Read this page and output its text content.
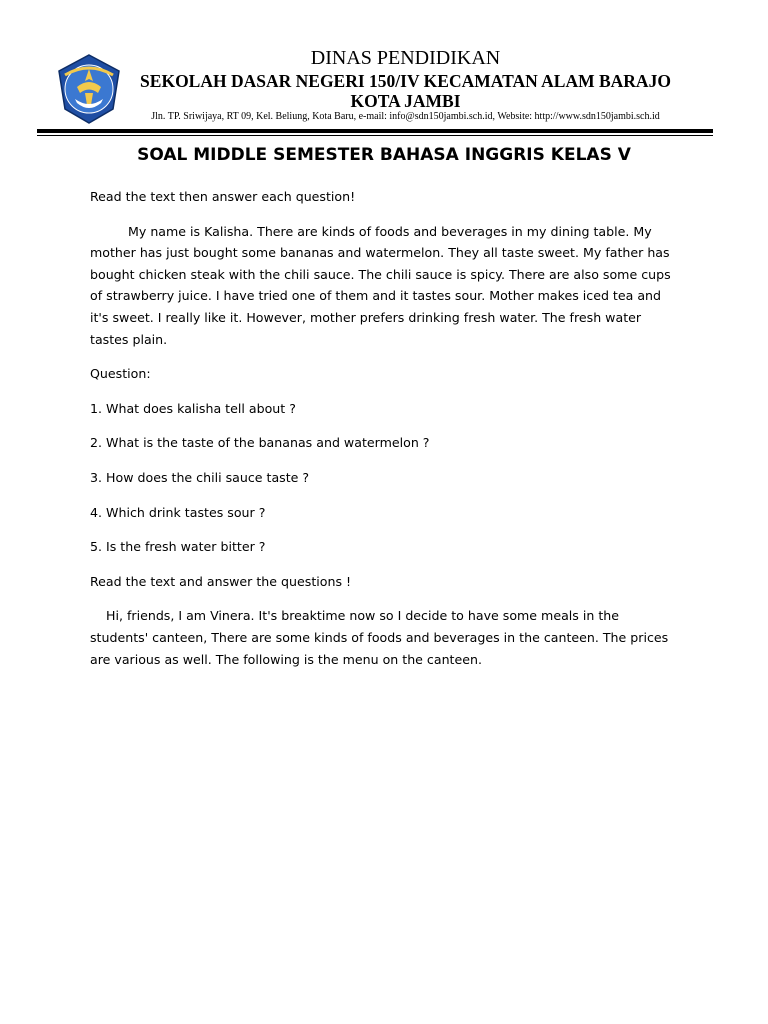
DINAS PENDIDIKAN
SEKOLAH DASAR NEGERI 150/IV KECAMATAN ALAM BARAJO
KOTA JAMBI
Jln. TP. Sriwijaya, RT 09, Kel. Beliung, Kota Baru, e-mail: info@sdn150jambi.sch.id, Website: http://www.sdn150jambi.sch.id
SOAL MIDDLE SEMESTER BAHASA INGGRIS KELAS V

Read the text then answer each question!

My name is Kalisha. There are kinds of foods and beverages in my dining table. My mother has just bought some bananas and watermelon. They all taste sweet. My father has bought chicken steak with the chili sauce. The chili sauce is spicy. There are also some cups of strawberry juice. I have tried one of them and it tastes sour. Mother makes iced tea and it's sweet. I really like it. However, mother prefers drinking fresh water. The fresh water tastes plain.

Question:

1. What does kalisha tell about ?

2. What is the taste of the bananas and watermelon ?

3. How does the chili sauce taste ?

4. Which drink tastes sour ?

5. Is the fresh water bitter ?

Read the text and answer the questions !

Hi, friends, I am Vinera. It's breaktime now so I decide to have some meals in the students' canteen, There are some kinds of foods and beverages in the canteen. The prices are various as well. The following is the menu on the canteen.
